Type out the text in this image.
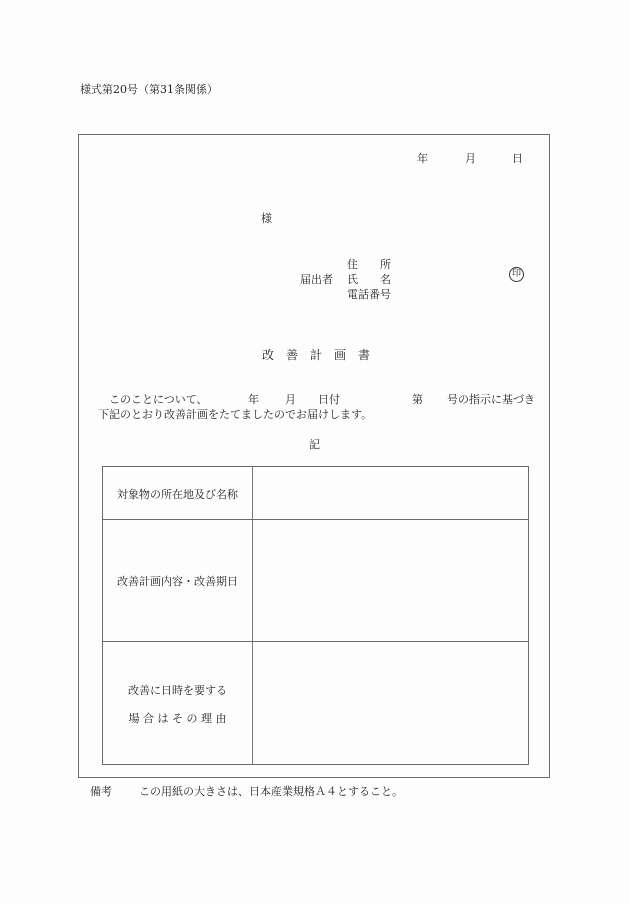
様式第20号（第31条関係）
年	月	日
様
住　　所
届出者 氏　　名
電話番号
印
改　善　計　画　書
このことについて、	年 月 日付	第 号の指示に基づき
下記のとおり改善計画をたてましたのでお届けします。
記
対象物の所在地及び名称
改善計画内容・改善期日
改善に日時を要する
場 合 は そ の 理 由
備考 この用紙の大きさは、日本産業規格Ａ４とすること。
